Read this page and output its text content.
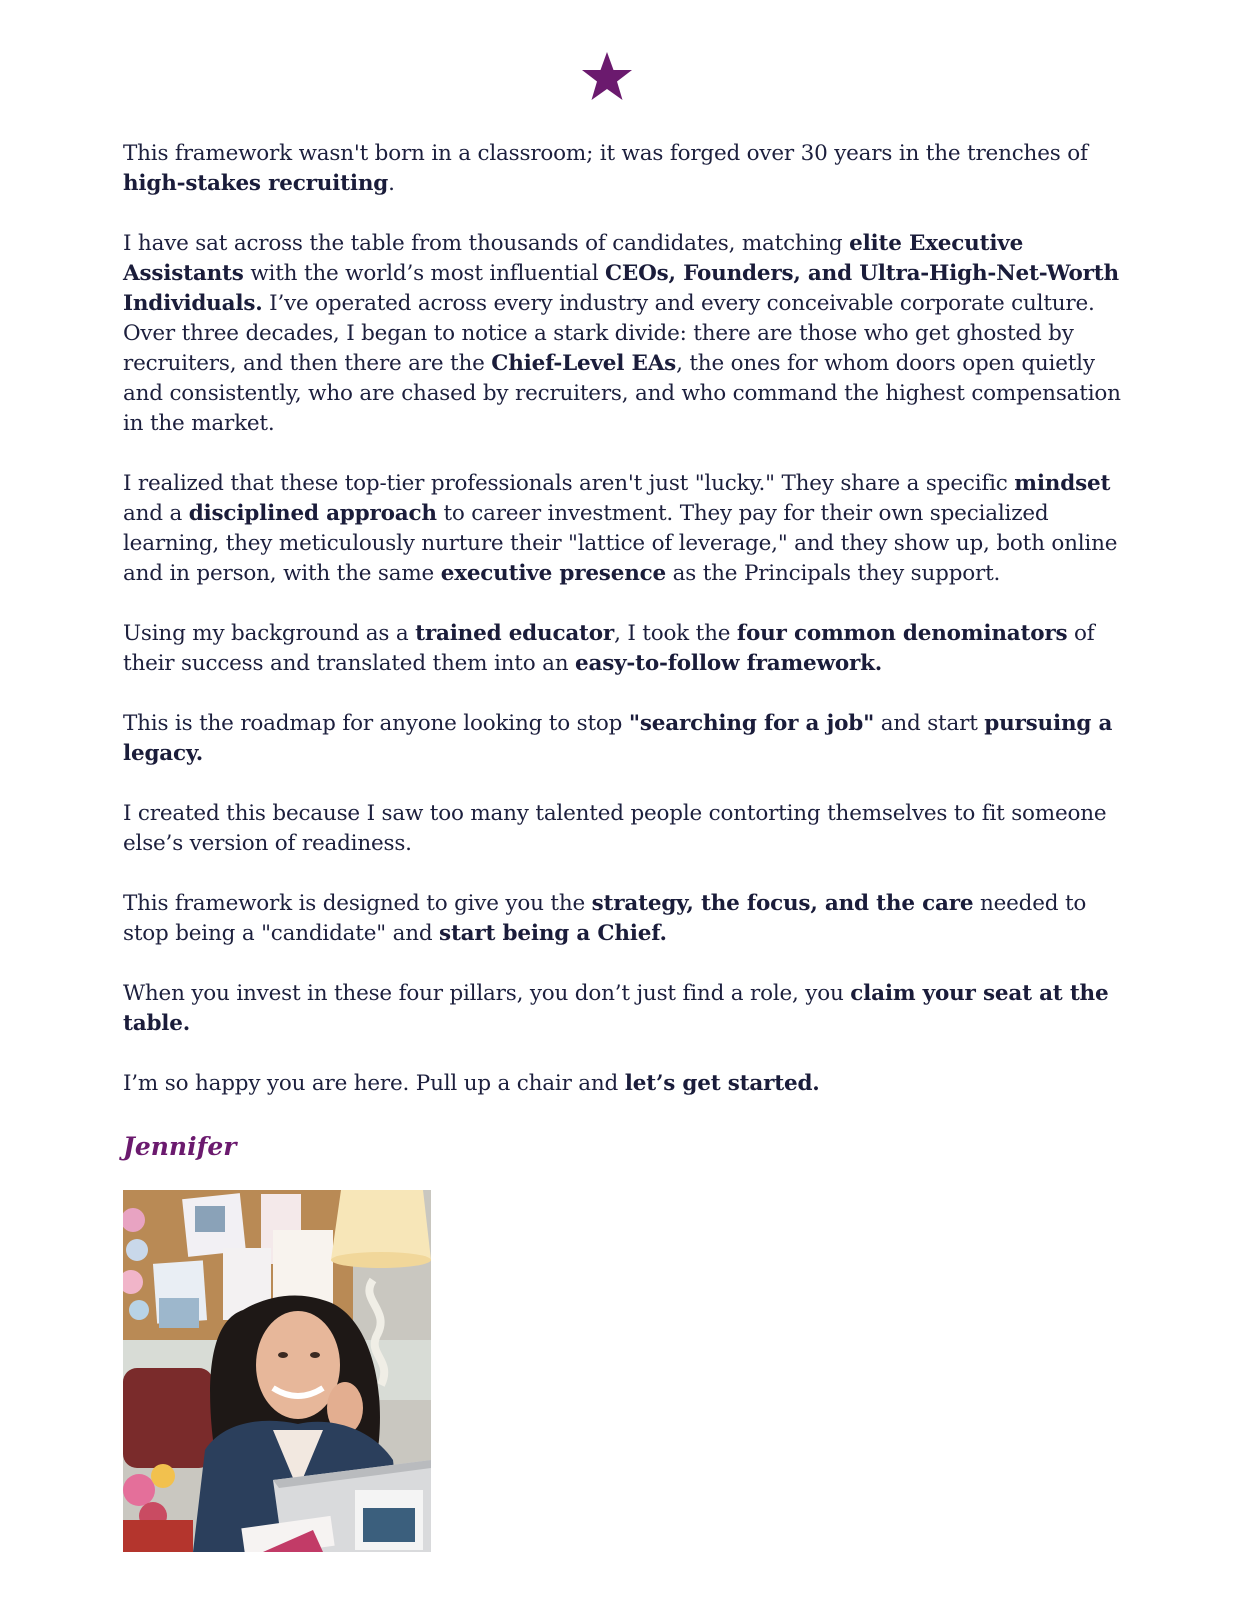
This framework wasn't born in a classroom; it was forged over 30 years in the trenches of high-stakes recruiting.

I have sat across the table from thousands of candidates, matching elite Executive Assistants with the world’s most influential CEOs, Founders, and Ultra-High-Net-Worth Individuals. I’ve operated across every industry and every conceivable corporate culture. Over three decades, I began to notice a stark divide: there are those who get ghosted by recruiters, and then there are the Chief-Level EAs, the ones for whom doors open quietly and consistently, who are chased by recruiters, and who command the highest compensation in the market.

I realized that these top-tier professionals aren't just "lucky." They share a specific mindset and a disciplined approach to career investment. They pay for their own specialized learning, they meticulously nurture their "lattice of leverage," and they show up, both online and in person, with the same executive presence as the Principals they support.

Using my background as a trained educator, I took the four common denominators of their success and translated them into an easy-to-follow framework.

This is the roadmap for anyone looking to stop "searching for a job" and start pursuing a legacy.

I created this because I saw too many talented people contorting themselves to fit someone else’s version of readiness.

This framework is designed to give you the strategy, the focus, and the care needed to stop being a "candidate" and start being a Chief.

When you invest in these four pillars, you don’t just find a role, you claim your seat at the table.

I’m so happy you are here. Pull up a chair and let’s get started.

Jennifer
